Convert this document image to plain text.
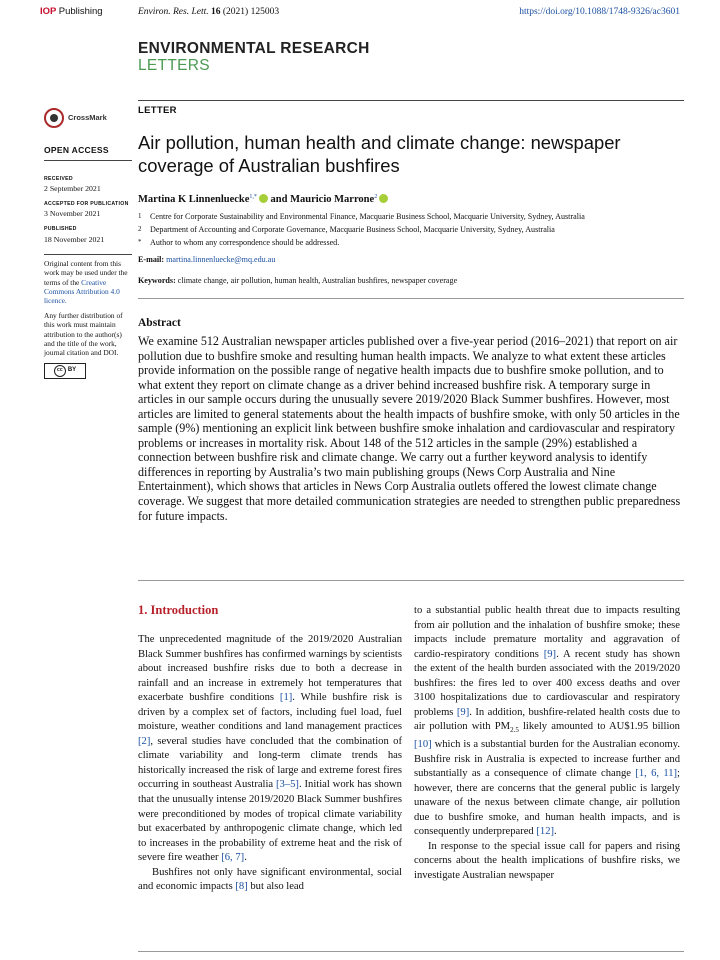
IOP Publishing	Environ. Res. Lett. 16 (2021) 125003	https://doi.org/10.1088/1748-9326/ac3601
ENVIRONMENTAL RESEARCH
LETTERS
CrossMark
OPEN ACCESS
RECEIVED
2 September 2021
ACCEPTED FOR PUBLICATION
3 November 2021
PUBLISHED
18 November 2021
Original content from this work may be used under the terms of the Creative Commons Attribution 4.0 licence.
Any further distribution of this work must maintain attribution to the author(s) and the title of the work, journal citation and DOI.
cc BY
LETTER
Air pollution, human health and climate change: newspaper coverage of Australian bushfires
Martina K Linnenluecke$^{1,*}$ and Mauricio Marrone$^2$
1 Centre for Corporate Sustainability and Environmental Finance, Macquarie Business School, Macquarie University, Sydney, Australia
2 Department of Accounting and Corporate Governance, Macquarie Business School, Macquarie University, Sydney, Australia
* Author to whom any correspondence should be addressed.
E-mail: martina.linnenluecke@mq.edu.au
Keywords: climate change, air pollution, human health, Australian bushfires, newspaper coverage
Abstract
We examine 512 Australian newspaper articles published over a five-year period (2016–2021) that report on air pollution due to bushfire smoke and resulting human health impacts. We analyze to what extent these articles provide information on the possible range of negative health impacts due to bushfire smoke pollution, and to what extent they report on climate change as a driver behind increased bushfire risk. A temporary surge in articles in our sample occurs during the unusually severe 2019/2020 Black Summer bushfires. However, most articles are limited to general statements about the health impacts of bushfire smoke, with only 50 articles in the sample (9%) mentioning an explicit link between bushfire smoke inhalation and cardiovascular and respiratory problems or increases in mortality risk. About 148 of the 512 articles in the sample (29%) established a connection between bushfire risk and climate change. We carry out a further keyword analysis to identify differences in reporting by Australia’s two main publishing groups (News Corp Australia and Nine Entertainment), which shows that articles in News Corp Australia outlets offered the lowest climate change coverage. We suggest that more detailed communication strategies are needed to strengthen public preparedness for future impacts.
1. Introduction

The unprecedented magnitude of the 2019/2020 Australian Black Summer bushfires has confirmed warnings by scientists about increased bushfire risks due to both a decrease in rainfall and an increase in extremely hot temperatures that exacerbate bushfire conditions [1]. While bushfire risk is driven by a complex set of factors, including fuel load, fuel moisture, weather conditions and land management practices [2], several studies have concluded that the combination of climate variability and long-term climate trends has historically increased the risk of large and extreme forest fires occurring in southeast Australia [3–5]. Initial work has shown that the unusually intense 2019/2020 Black Summer bushfires were preconditioned by modes of tropical climate variability but exacerbated by anthropogenic climate change, which led to increases in the probability of extreme heat and the risk of severe fire weather [6, 7].

Bushfires not only have significant environmental, social and economic impacts [8] but also lead

to a substantial public health threat due to impacts resulting from air pollution and the inhalation of bushfire smoke; these impacts include premature mortality and aggravation of cardio-respiratory conditions [9]. A recent study has shown the extent of the health burden associated with the 2019/2020 bushfires: the fires led to over 400 excess deaths and over 3100 hospitalizations due to cardiovascular and respiratory problems [9]. In addition, bushfire-related health costs due to air pollution with $PM_{2.5}$ likely amounted to AU$1.95 billion [10] which is a substantial burden for the Australian economy. Bushfire risk in Australia is expected to increase further and substantially as a consequence of climate change [1, 6, 11]; however, there are concerns that the general public is largely unaware of the nexus between climate change, air pollution due to bushfire smoke, and human health impacts, and is consequently underprepared [12].

In response to the special issue call for papers and rising concerns about the health implications of bushfire risks, we investigate Australian newspaper
